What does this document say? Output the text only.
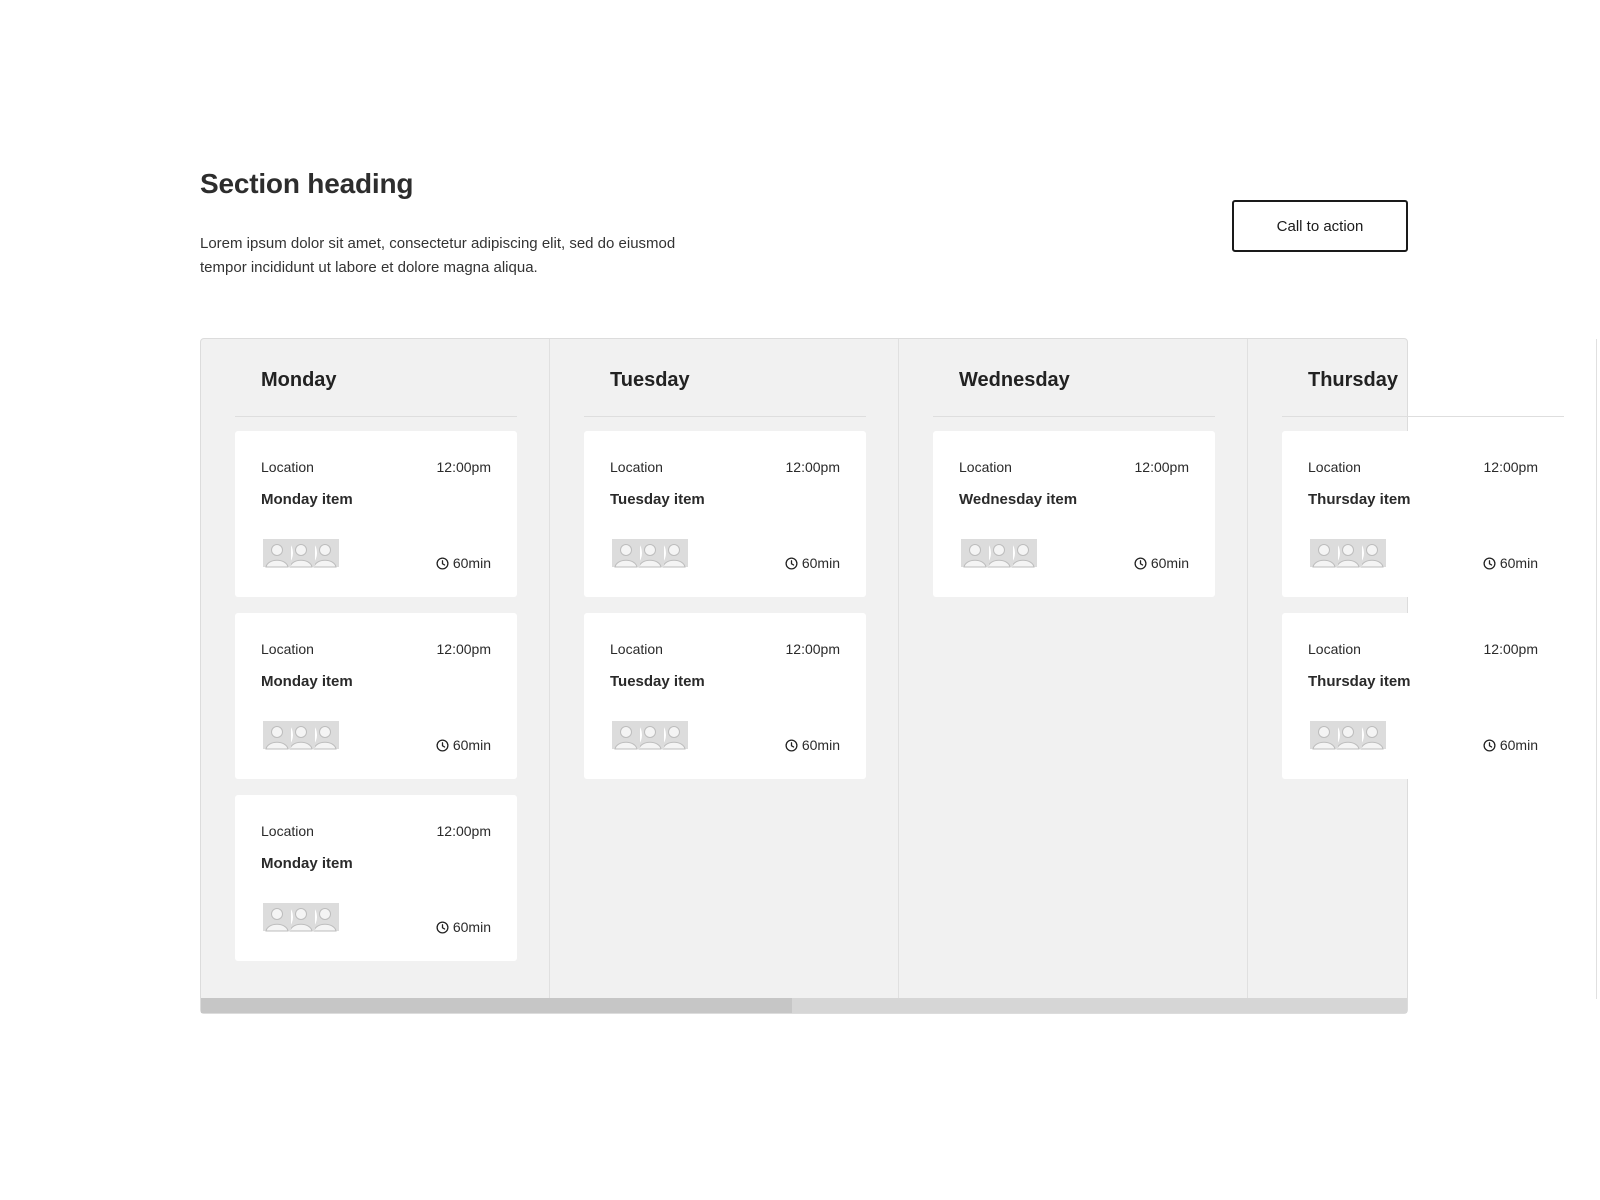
Section heading

Lorem ipsum dolor sit amet, consectetur adipiscing elit, sed do eiusmod tempor incididunt ut labore et dolore magna aliqua.

Call to action
Monday
Location	12:00pm
Monday item
60min
Location	12:00pm
Monday item
60min
Location	12:00pm
Monday item
60min
Tuesday
Location	12:00pm
Tuesday item
60min
Location	12:00pm
Tuesday item
60min
Wednesday
Location	12:00pm
Wednesday item
60min
Thursday
Location	12:00pm
Thursday item
60min
Location	12:00pm
Thursday item
60min
